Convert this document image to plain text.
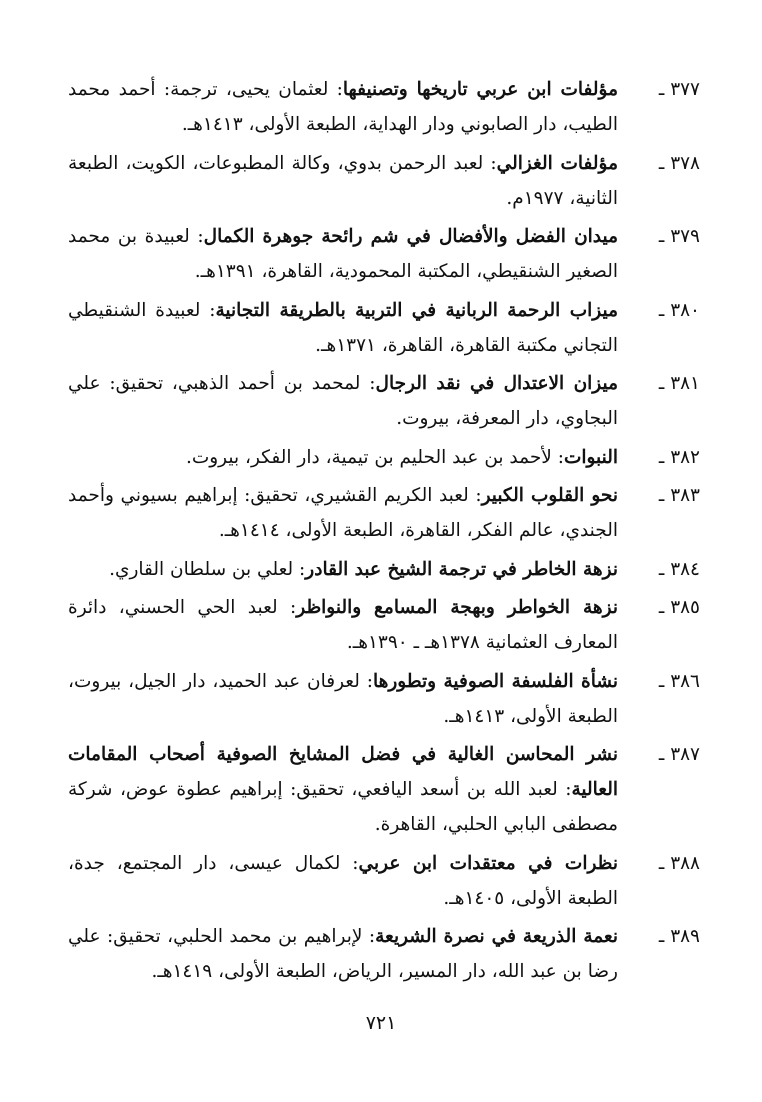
٣٧٧ ـ
مؤلفات ابن عربي تاريخها وتصنيفها: لعثمان يحيى، ترجمة: أحمد محمد الطيب، دار الصابوني ودار الهداية، الطبعة الأولى، ١٤١٣هـ.
٣٧٨ ـ
مؤلفات الغزالي: لعبد الرحمن بدوي، وكالة المطبوعات، الكويت، الطبعة الثانية، ١٩٧٧م.
٣٧٩ ـ
ميدان الفضل والأفضال في شم رائحة جوهرة الكمال: لعبيدة بن محمد الصغير الشنقيطي، المكتبة المحمودية، القاهرة، ١٣٩١هـ.
٣٨٠ ـ
ميزاب الرحمة الربانية في التربية بالطريقة التجانية: لعبيدة الشنقيطي التجاني مكتبة القاهرة، القاهرة، ١٣٧١هـ.
٣٨١ ـ
ميزان الاعتدال في نقد الرجال: لمحمد بن أحمد الذهبي، تحقيق: علي البجاوي، دار المعرفة، بيروت.
٣٨٢ ـ
النبوات: لأحمد بن عبد الحليم بن تيمية، دار الفكر، بيروت.
٣٨٣ ـ
نحو القلوب الكبير: لعبد الكريم القشيري، تحقيق: إبراهيم بسيوني وأحمد الجندي، عالم الفكر، القاهرة، الطبعة الأولى، ١٤١٤هـ.
٣٨٤ ـ
نزهة الخاطر في ترجمة الشيخ عبد القادر: لعلي بن سلطان القاري.
٣٨٥ ـ
نزهة الخواطر وبهجة المسامع والنواظر: لعبد الحي الحسني، دائرة المعارف العثمانية ١٣٧٨هـ ـ ١٣٩٠هـ.
٣٨٦ ـ
نشأة الفلسفة الصوفية وتطورها: لعرفان عبد الحميد، دار الجيل، بيروت، الطبعة الأولى، ١٤١٣هـ.
٣٨٧ ـ
نشر المحاسن الغالية في فضل المشايخ الصوفية أصحاب المقامات العالية: لعبد الله بن أسعد اليافعي، تحقيق: إبراهيم عطوة عوض، شركة مصطفى البابي الحلبي، القاهرة.
٣٨٨ ـ
نظرات في معتقدات ابن عربي: لكمال عيسى، دار المجتمع، جدة، الطبعة الأولى، ١٤٠٥هـ.
٣٨٩ ـ
نعمة الذريعة في نصرة الشريعة: لإبراهيم بن محمد الحلبي، تحقيق: علي رضا بن عبد الله، دار المسير، الرياض، الطبعة الأولى، ١٤١٩هـ.
٧٢١
